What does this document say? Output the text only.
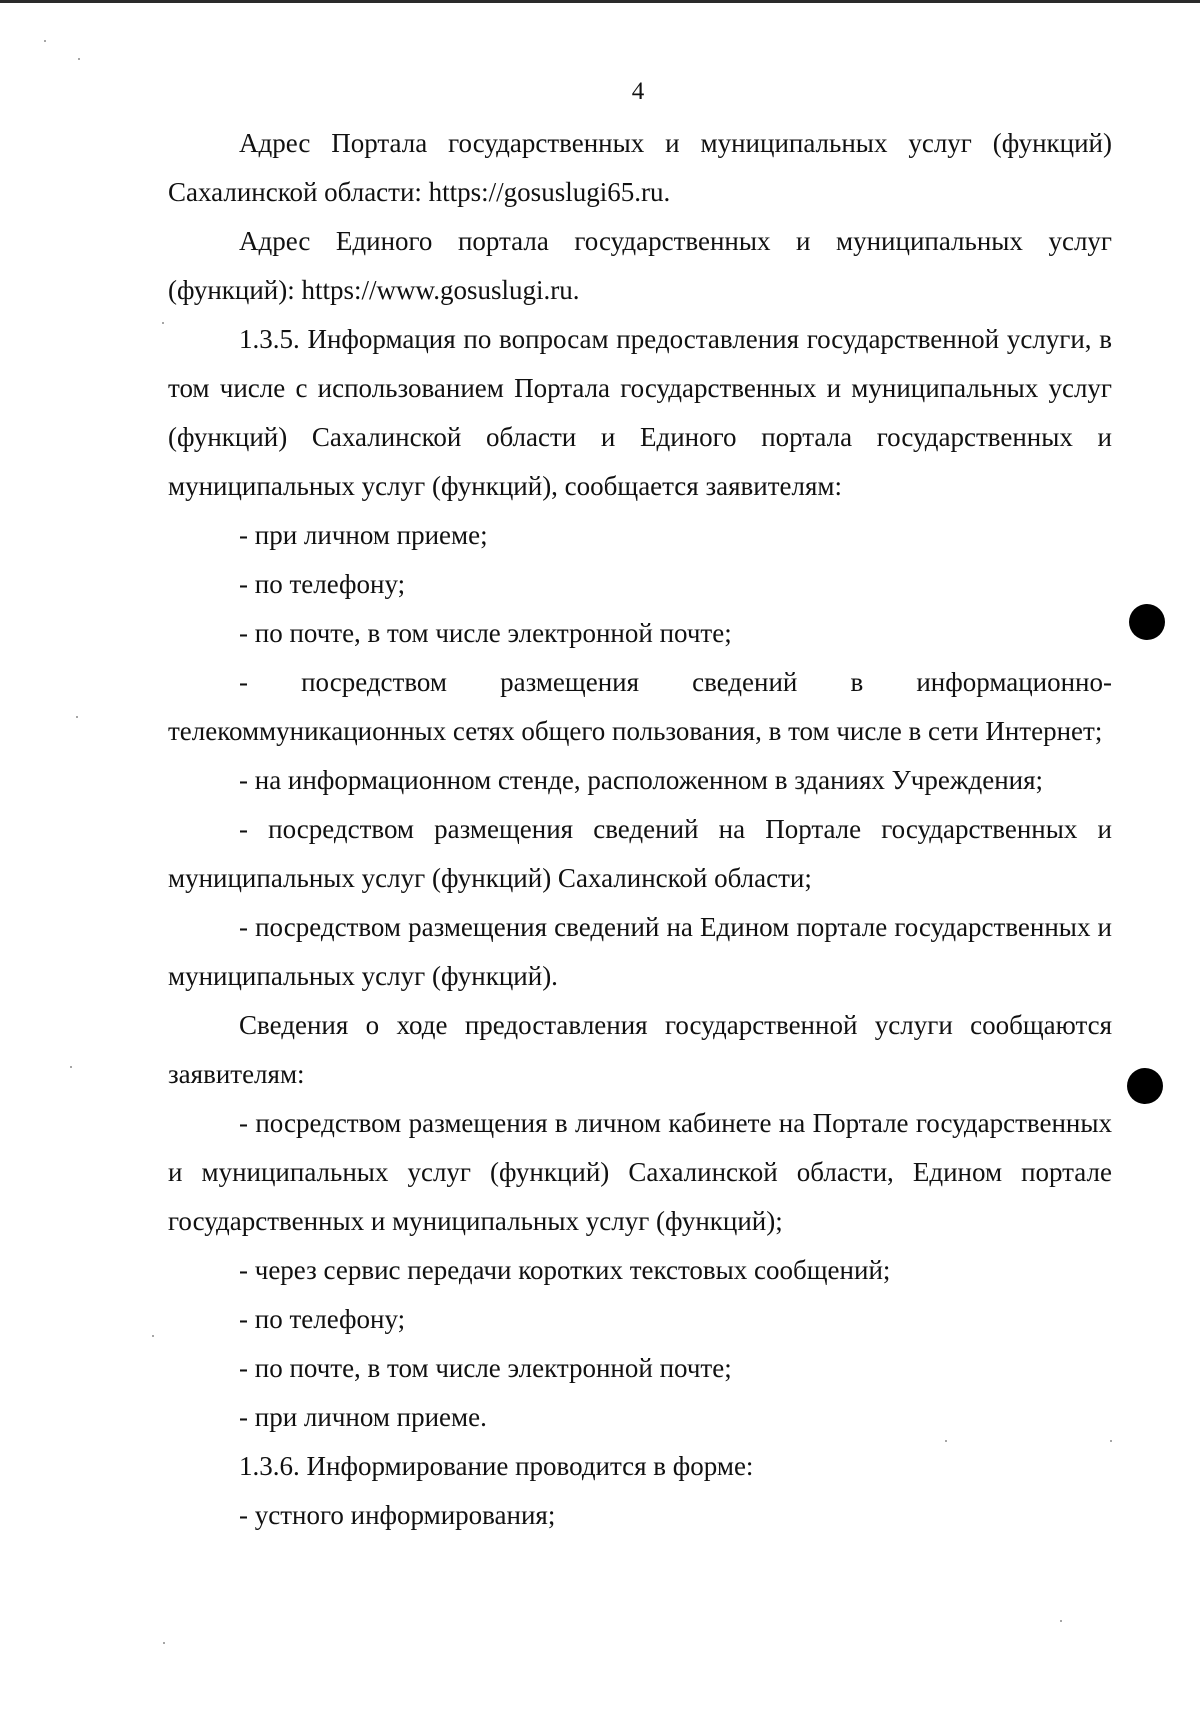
4

Адрес Портала государственных и муниципальных услуг (функций) Сахалинской области: https://gosuslugi65.ru.

Адрес Единого портала государственных и муниципальных услуг (функций): https://www.gosuslugi.ru.

1.3.5. Информация по вопросам предоставления государственной услуги, в том числе с использованием Портала государственных и муниципальных услуг (функций) Сахалинской области и Единого портала государственных и муниципальных услуг (функций), сообщается заявителям:

- при личном приеме;

- по телефону;

- по почте, в том числе электронной почте;

- посредством размещения сведений в информационно-телекоммуникационных сетях общего пользования, в том числе в сети Интернет;

- на информационном стенде, расположенном в зданиях Учреждения;

- посредством размещения сведений на Портале государственных и муниципальных услуг (функций) Сахалинской области;

- посредством размещения сведений на Едином портале государственных и муниципальных услуг (функций).

Сведения о ходе предоставления государственной услуги сообщаются заявителям:

- посредством размещения в личном кабинете на Портале государственных и муниципальных услуг (функций) Сахалинской области, Едином портале государственных и муниципальных услуг (функций);

- через сервис передачи коротких текстовых сообщений;

- по телефону;

- по почте, в том числе электронной почте;

- при личном приеме.

1.3.6. Информирование проводится в форме:

- устного информирования;
